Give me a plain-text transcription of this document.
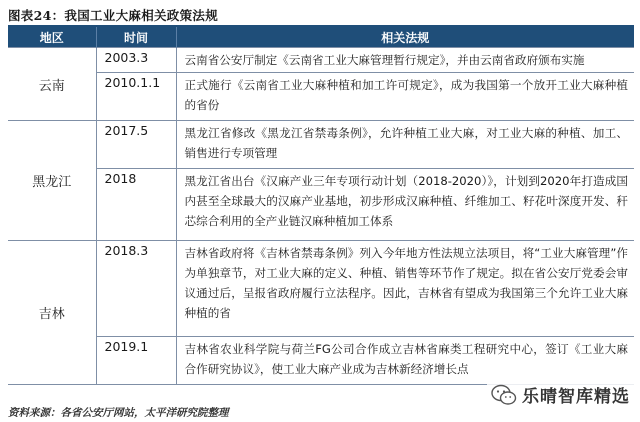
图表24：我国工业大麻相关政策法规
地区	时间	相关法规
云南	2003.3	云南省公安厅制定《云南省工业大麻管理暂行规定》，并由云南省政府颁布实施
	2010.1.1	正式施行《云南省工业大麻种植和加工许可规定》，成为我国第一个放开工业大麻种植的省份
黑龙江	2017.5	黑龙江省修改《黑龙江省禁毒条例》，允许种植工业大麻，对工业大麻的种植、加工、销售进行专项管理
	2018	黑龙江省出台《汉麻产业三年专项行动计划（2018-2020）》，计划到2020年打造成国内甚至全球最大的汉麻产业基地，初步形成汉麻种植、纤维加工、籽花叶深度开发、秆芯综合利用的全产业链汉麻种植加工体系
吉林	2018.3	吉林省政府将《吉林省禁毒条例》列入今年地方性法规立法项目，将“工业大麻管理”作为单独章节，对工业大麻的定义、种植、销售等环节作了规定。拟在省公安厅党委会审议通过后，呈报省政府履行立法程序。因此，吉林省有望成为我国第三个允许工业大麻种植的省
	2019.1	吉林省农业科学院与荷兰FG公司合作成立吉林省麻类工程研究中心，签订《工业大麻合作研究协议》，使工业大麻产业成为吉林新经济增长点
资料来源：各省公安厅网站，太平洋研究院整理
乐晴智库精选
